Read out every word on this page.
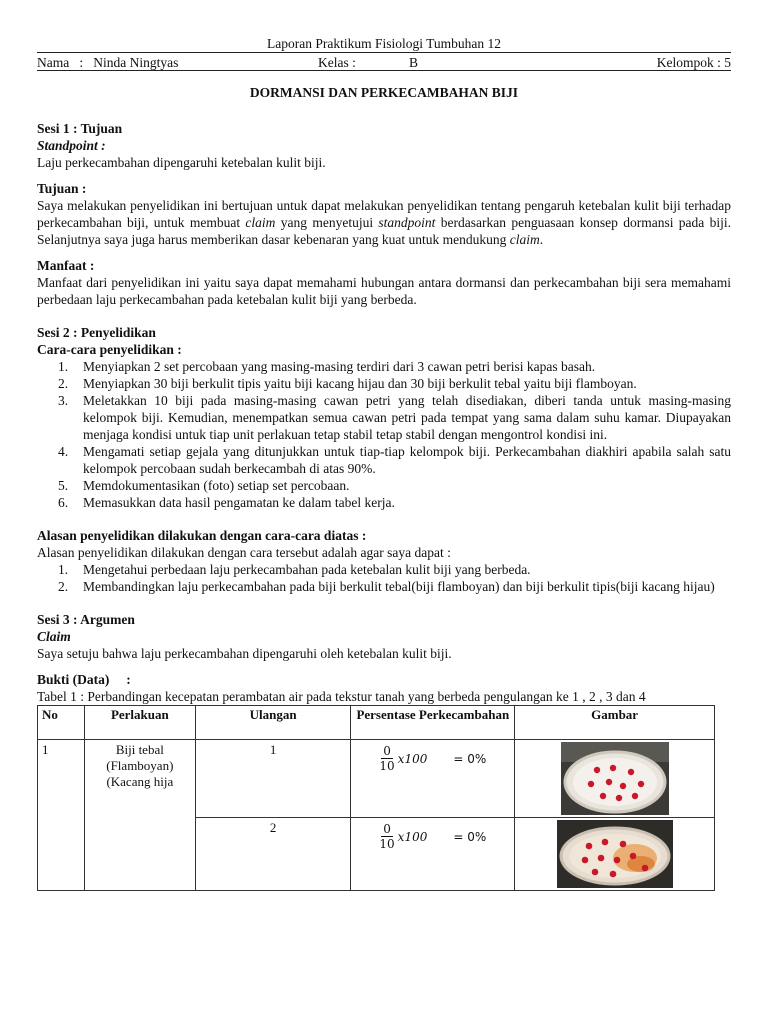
Laporan Praktikum Fisiologi Tumbuhan 12
Nama   :   Ninda Ningtyas	Kelas :	B	Kelompok : 5
DORMANSI DAN PERKECAMBAHAN BIJI
Sesi 1 : Tujuan
Standpoint :
Laju perkecambahan dipengaruhi ketebalan kulit biji.
Tujuan :

Saya melakukan penyelidikan ini bertujuan untuk dapat melakukan penyelidikan tentang pengaruh ketebalan kulit biji terhadap perkecambahan biji, untuk membuat claim yang menyetujui standpoint berdasarkan penguasaan konsep dormansi pada biji. Selanjutnya saya juga harus memberikan dasar kebenaran yang kuat untuk mendukung claim.

Manfaat :

Manfaat dari penyelidikan ini yaitu saya dapat memahami hubungan antara dormansi dan perkecambahan biji sera memahami perbedaan laju perkecambahan pada ketebalan kulit biji yang berbeda.

Sesi 2 : Penyelidikan
Cara-cara penyelidikan :
1. Menyiapkan 2 set percobaan yang masing-masing terdiri dari 3 cawan petri berisi kapas basah.
2. Menyiapkan 30 biji berkulit tipis yaitu biji kacang hijau dan 30 biji berkulit tebal yaitu biji flamboyan.
3. Meletakkan 10 biji pada masing-masing cawan petri yang telah disediakan, diberi tanda untuk masing-masing kelompok biji. Kemudian, menempatkan semua cawan petri pada tempat yang sama dalam suhu kamar. Diupayakan menjaga kondisi untuk tiap unit perlakuan tetap stabil tetap stabil dengan mengontrol kondisi ini.
4. Mengamati setiap gejala yang ditunjukkan untuk tiap-tiap kelompok biji. Perkecambahan diakhiri apabila salah satu kelompok percobaan sudah berkecambah di atas 90%.
5. Memdokumentasikan (foto) setiap set percobaan.
6. Memasukkan data hasil pengamatan ke dalam tabel kerja.
Alasan penyelidikan dilakukan dengan cara-cara diatas :
Alasan penyelidikan dilakukan dengan cara tersebut adalah agar saya dapat :
1. Mengetahui perbedaan laju perkecambahan pada ketebalan kulit biji yang berbeda.
2. Membandingkan laju perkecambahan pada biji berkulit tebal(biji flamboyan) dan biji berkulit tipis(biji kacang hijau)
Sesi 3 : Argumen
Claim
Saya setuju bahwa laju perkecambahan dipengaruhi oleh ketebalan kulit biji.
Bukti (Data)     :
Tabel 1 : Perbandingan kecepatan perambatan air pada tekstur tanah yang berbeda pengulangan ke 1 , 2 , 3 dan 4
No	Perlakuan	Ulangan	Persentase Perkecambahan	Gambar
1	Biji tebal (Flamboyan) (Kacang hija	1	$\frac{0}{10} x100 = 0\%$

		2	$\frac{0}{10} x100 = 0\%$
